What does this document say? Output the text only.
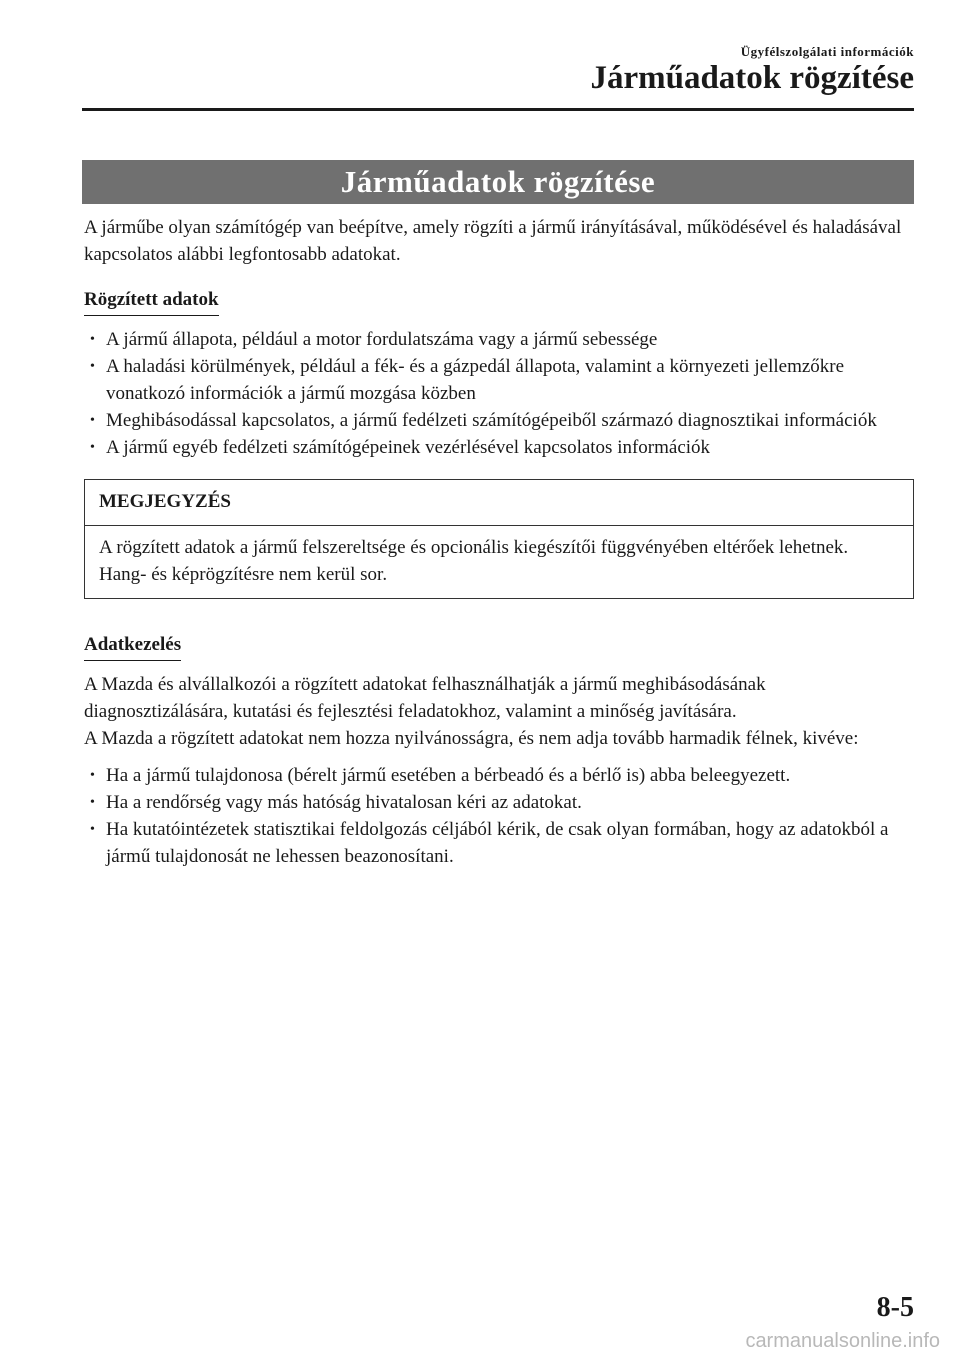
Ügyfélszolgálati információk
Járműadatok rögzítése
Járműadatok rögzítése

A járműbe olyan számítógép van beépítve, amely rögzíti a jármű irányításával, működésével és haladásával kapcsolatos alábbi legfontosabb adatokat.

Rögzített adatok
• A jármű állapota, például a motor fordulatszáma vagy a jármű sebessége
• A haladási körülmények, például a fék- és a gázpedál állapota, valamint a környezeti jellemzőkre vonatkozó információk a jármű mozgása közben
• Meghibásodással kapcsolatos, a jármű fedélzeti számítógépeiből származó diagnosztikai információk
• A jármű egyéb fedélzeti számítógépeinek vezérlésével kapcsolatos információk
MEGJEGYZÉS
A rögzített adatok a jármű felszereltsége és opcionális kiegészítői függvényében eltérőek lehetnek. Hang- és képrögzítésre nem kerül sor.
Adatkezelés

A Mazda és alvállalkozói a rögzített adatokat felhasználhatják a jármű meghibásodásának diagnosztizálására, kutatási és fejlesztési feladatokhoz, valamint a minőség javítására.

A Mazda a rögzített adatokat nem hozza nyilvánosságra, és nem adja tovább harmadik félnek, kivéve:

• Ha a jármű tulajdonosa (bérelt jármű esetében a bérbeadó és a bérlő is) abba beleegyezett.
• Ha a rendőrség vagy más hatóság hivatalosan kéri az adatokat.
• Ha kutatóintézetek statisztikai feldolgozás céljából kérik, de csak olyan formában, hogy az adatokból a jármű tulajdonosát ne lehessen beazonosítani.
8-5
carmanualsonline.info
